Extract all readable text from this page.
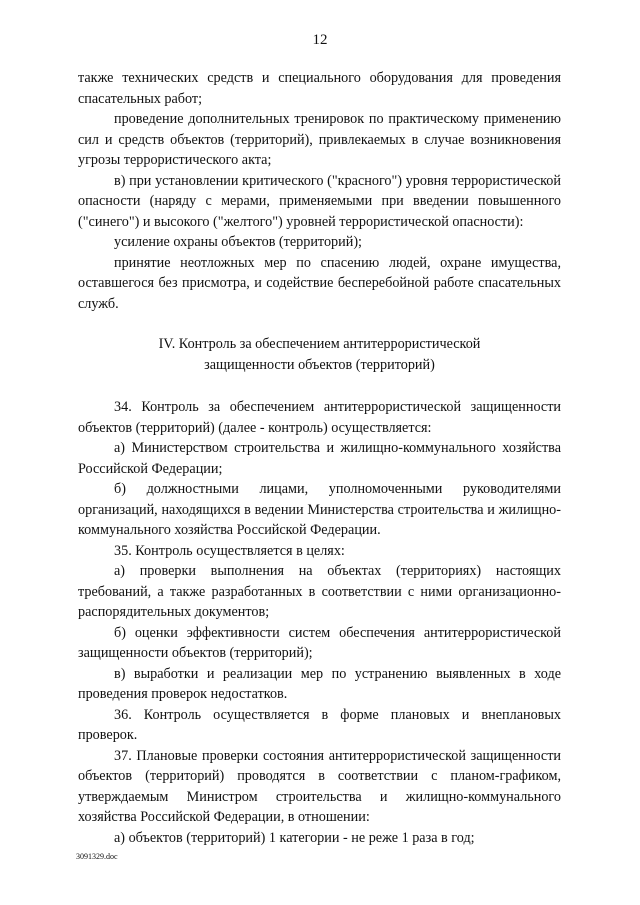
12

также технических средств и специального оборудования для проведения спасательных работ;

проведение дополнительных тренировок по практическому применению сил и средств объектов (территорий), привлекаемых в случае возникновения угрозы террористического акта;

в) при установлении критического ("красного") уровня террористической опасности (наряду с мерами, применяемыми при введении повышенного ("синего") и высокого ("желтого") уровней террористической опасности):

усиление охраны объектов (территорий);

принятие неотложных мер по спасению людей, охране имущества, оставшегося без присмотра, и содействие бесперебойной работе спасательных служб.

IV. Контроль за обеспечением антитеррористической
защищенности объектов (территорий)

34. Контроль за обеспечением антитеррористической защищенности объектов (территорий) (далее - контроль) осуществляется:

а) Министерством строительства и жилищно-коммунального хозяйства Российской Федерации;

б) должностными лицами, уполномоченными руководителями организаций, находящихся в ведении Министерства строительства и жилищно-коммунального хозяйства Российской Федерации.

35. Контроль осуществляется в целях:

а) проверки выполнения на объектах (территориях) настоящих требований, а также разработанных в соответствии с ними организационно-распорядительных документов;

б) оценки эффективности систем обеспечения антитеррористической защищенности объектов (территорий);

в) выработки и реализации мер по устранению выявленных в ходе проведения проверок недостатков.

36. Контроль осуществляется в форме плановых и внеплановых проверок.

37. Плановые проверки состояния антитеррористической защищенности объектов (территорий) проводятся в соответствии с планом-графиком, утверждаемым Министром строительства и жилищно-коммунального хозяйства Российской Федерации, в отношении:

а) объектов (территорий) 1 категории - не реже 1 раза в год;

3091329.doc
